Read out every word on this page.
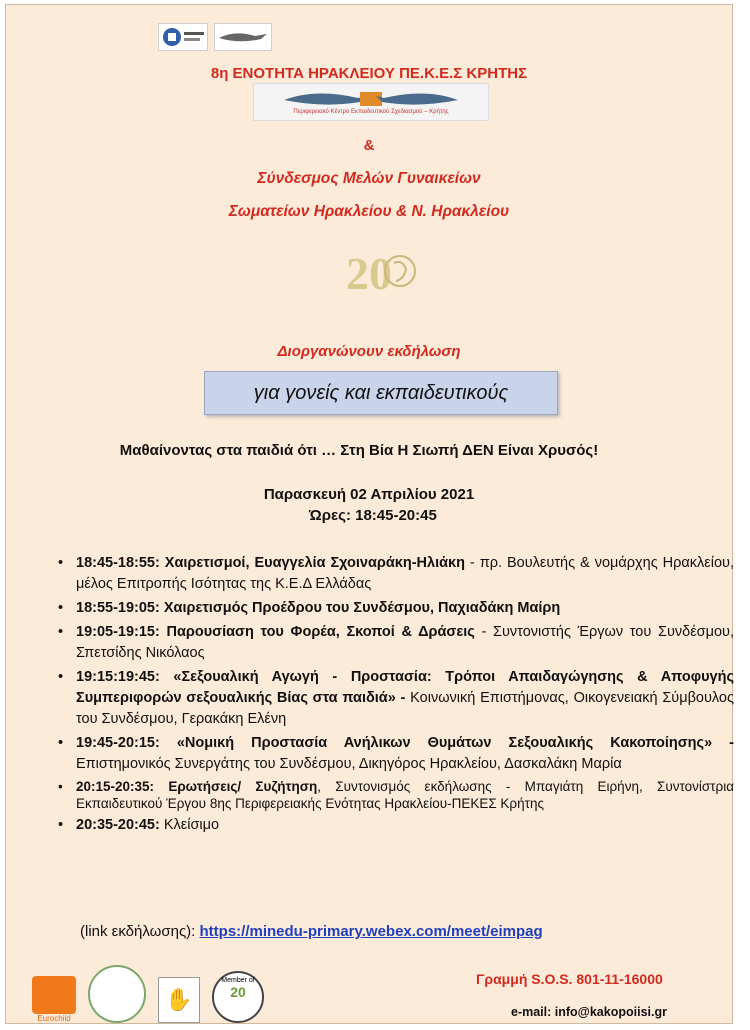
8η ΕΝΟΤΗΤΑ ΗΡΑΚΛΕΙΟΥ ΠΕ.Κ.Ε.Σ ΚΡΗΤΗΣ
Περιφερειακό Κέντρο Εκπαιδευτικού Σχεδιασμού – Κρήτης
&
Σύνδεσμος Μελών Γυναικείων
Σωματείων Ηρακλείου & Ν. Ηρακλείου
20
Διοργανώνουν εκδήλωση
για γονείς και εκπαιδευτικούς
Μαθαίνοντας στα παιδιά ότι … Στη Βία Η Σιωπή ΔΕΝ Είναι Χρυσός!
Παρασκευή 02 Απριλίου 2021
Ώρες: 18:45-20:45
• 18:45-18:55: Χαιρετισμοί, Ευαγγελία Σχοιναράκη-Ηλιάκη - πρ. Βουλευτής & νομάρχης Ηρακλείου, μέλος Επιτροπής Ισότητας της Κ.Ε.Δ Ελλάδας
• 18:55-19:05: Χαιρετισμός Προέδρου του Συνδέσμου, Παχιαδάκη Μαίρη
• 19:05-19:15: Παρουσίαση του Φορέα, Σκοποί & Δράσεις - Συντονιστής Έργων του Συνδέσμου, Σπετσίδης Νικόλαος
• 19:15:19:45: «Σεξουαλική Αγωγή - Προστασία: Τρόποι Απαιδαγώγησης & Αποφυγής Συμπεριφορών σεξουαλικής Βίας στα παιδιά» - Κοινωνική Επιστήμονας, Οικογενειακή Σύμβουλος του Συνδέσμου, Γερακάκη Ελένη
• 19:45-20:15: «Νομική Προστασία Ανήλικων Θυμάτων Σεξουαλικής Κακοποίησης» - Επιστημονικός Συνεργάτης του Συνδέσμου, Δικηγόρος Ηρακλείου, Δασκαλάκη Μαρία
• 20:15-20:35: Ερωτήσεις/ Συζήτηση, Συντονισμός εκδήλωσης - Μπαγιάτη Ειρήνη, Συντονίστρια Εκπαιδευτικού Έργου 8ης Περιφερειακής Ενότητας Ηρακλείου-ΠΕΚΕΣ Κρήτης
• 20:35-20:45: Κλείσιμο
(link εκδήλωσης): https://minedu-primary.webex.com/meet/eimpag
Eurochild
✋
Member of
20
Γραμμή S.O.S. 801-11-16000
e-mail: info@kakopoiisi.gr
